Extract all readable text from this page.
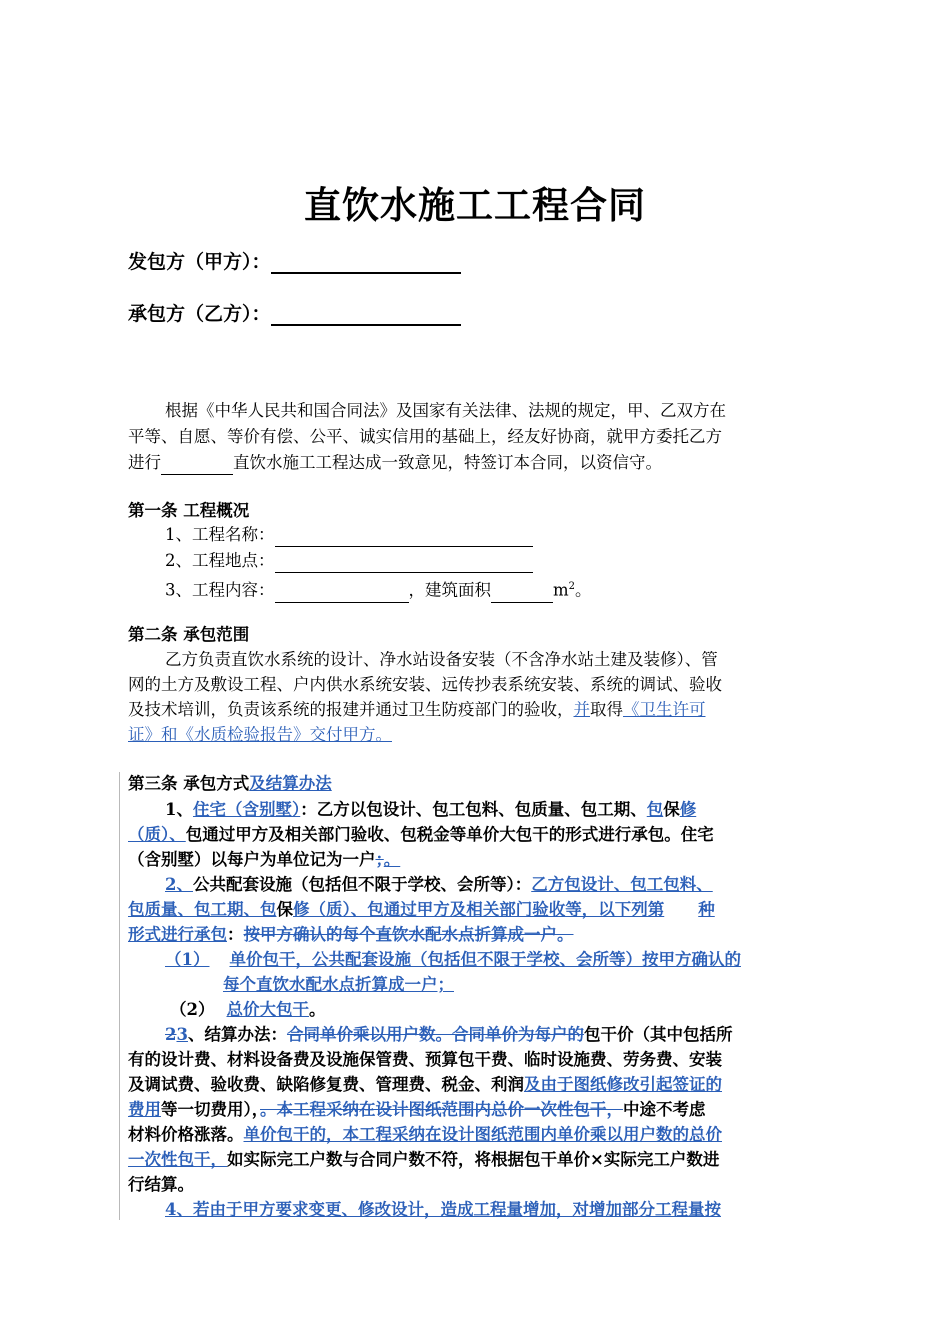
直饮水施工工程合同
发包方（甲方）：
承包方（乙方）：
根据《中华人民共和国合同法》及国家有关法律、法规的规定，甲、乙双方在
平等、自愿、等价有偿、公平、诚实信用的基础上，经友好协商，就甲方委托乙方
进行	直饮水施工工程达成一致意见，特签订本合同，以资信守。
第一条 工程概况
1、工程名称：
2、工程地点：
3、工程内容：	，建筑面积	$m^2$。
第二条 承包范围
乙方负责直饮水系统的设计、净水站设备安装（不含净水站土建及装修）、管
网的土方及敷设工程、户内供水系统安装、远传抄表系统安装、系统的调试、验收
及技术培训，负责该系统的报建并通过卫生防疫部门的验收，并取得《卫生许可
证》和《水质检验报告》交付甲方。
第三条 承包方式及结算办法
1、住宅（含别墅）：乙方以包设计、包工包料、包质量、包工期、包保修
（质）、包通过甲方及相关部门验收、包税金等单价大包干的形式进行承包。住宅
（含别墅）以每户为单位记为一户；。
2、公共配套设施（包括但不限于学校、会所等）：乙方包设计、包工包料、
包质量、包工期、包保修（质）、包通过甲方及相关部门验收等，以下列第 种
形式进行承包：按甲方确认的每个直饮水配水点折算成一户。
（1） 单价包干，公共配套设施（包括但不限于学校、会所等）按甲方确认的
每个直饮水配水点折算成一户；
（2） 总价大包干。
23、结算办法：合同单价乘以用户数。合同单价为每户的包干价（其中包括所
有的设计费、材料设备费及设施保管费、预算包干费、临时设施费、劳务费、安装
及调试费、验收费、缺陷修复费、管理费、税金、利润及由于图纸修改引起签证的
费用等一切费用），。本工程采纳在设计图纸范围内总价一次性包干，中途不考虑
材料价格涨落。单价包干的，本工程采纳在设计图纸范围内单价乘以用户数的总价
一次性包干，如实际完工户数与合同户数不符，将根据包干单价×实际完工户数进
行结算。
4、若由于甲方要求变更、修改设计，造成工程量增加，对增加部分工程量按
